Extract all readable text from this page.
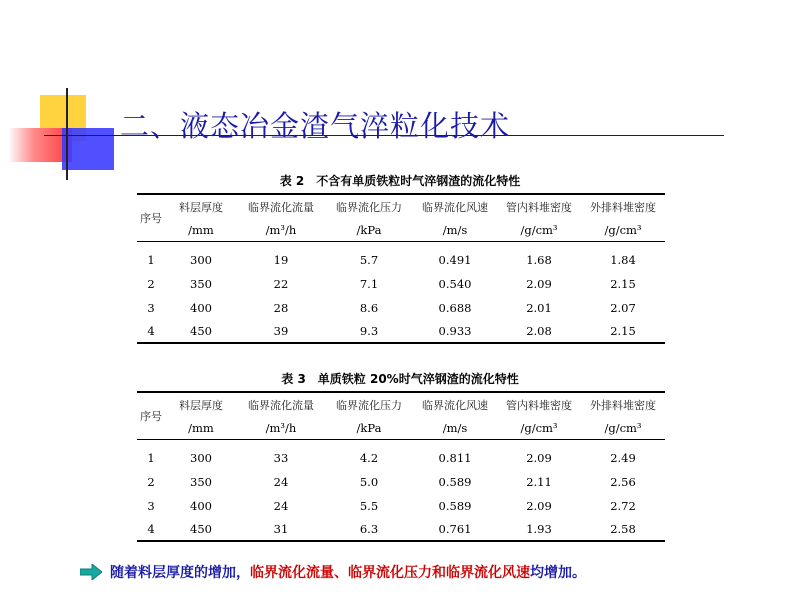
二、液态冶金渣气淬粒化技术
表 2　不含有单质铁粒时气淬钢渣的流化特性
序号	料层厚度	临界流化流量	临界流化压力	临界流化风速	管内料堆密度	外排料堆密度
	/mm	/m³/h	/kPa	/m/s	/g/cm³	/g/cm³
1	300	19	5.7	0.491	1.68	1.84
2	350	22	7.1	0.540	2.09	2.15
3	400	28	8.6	0.688	2.01	2.07
4	450	39	9.3	0.933	2.08	2.15
表 3　单质铁粒 20%时气淬钢渣的流化特性
序号	料层厚度	临界流化流量	临界流化压力	临界流化风速	管内料堆密度	外排料堆密度
	/mm	/m³/h	/kPa	/m/s	/g/cm³	/g/cm³
1	300	33	4.2	0.811	2.09	2.49
2	350	24	5.0	0.589	2.11	2.56
3	400	24	5.5	0.589	2.09	2.72
4	450	31	6.3	0.761	1.93	2.58
随着料层厚度的增加， 临界流化流量、临界流化压力和临界流化风速 均增加。
